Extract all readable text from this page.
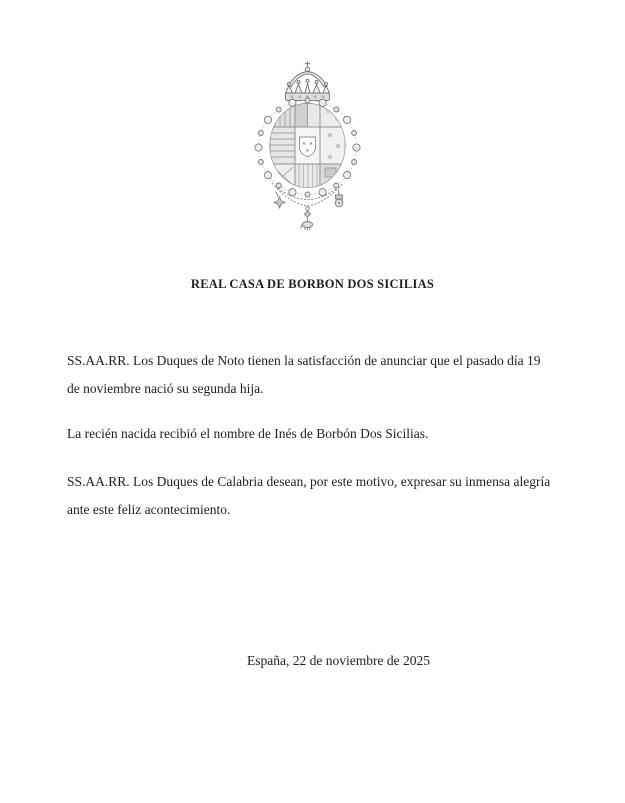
REAL CASA DE BORBON DOS SICILIAS
SS.AA.RR. Los Duques de Noto tienen la satisfacción de anunciar que el pasado día 19
de noviembre nació su segunda hija.
La recién nacida recibió el nombre de Inés de Borbón Dos Sicilias.
SS.AA.RR. Los Duques de Calabria desean, por este motivo, expresar su inmensa alegría
ante este feliz acontecimiento.
España, 22 de noviembre de 2025
